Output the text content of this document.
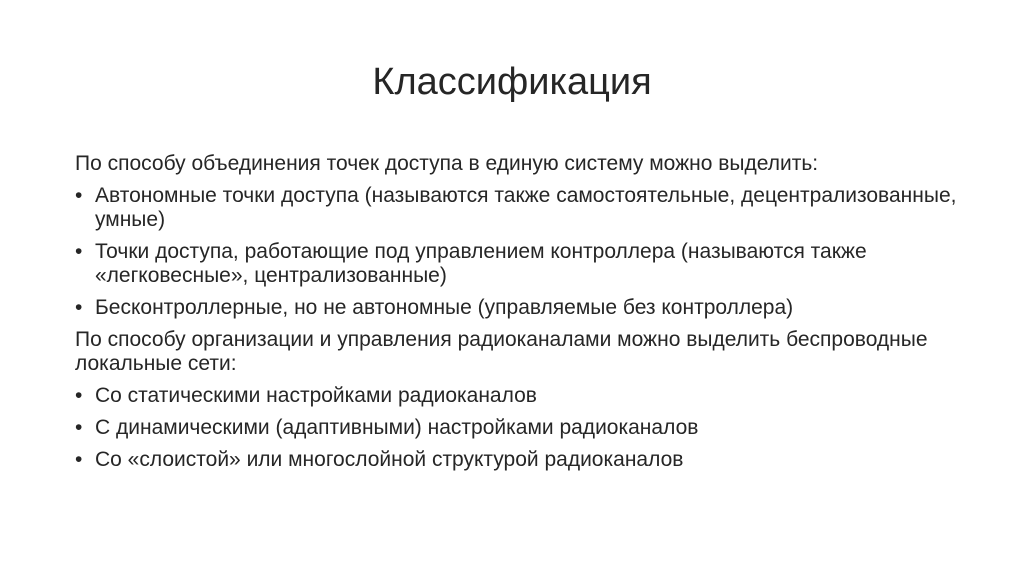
Классификация

По способу объединения точек доступа в единую систему можно выделить:

• Автономные точки доступа (называются также самостоятельные, децентрализованные, умные)
• Точки доступа, работающие под управлением контроллера (называются также «легковесные», централизованные)
• Бесконтроллерные, но не автономные (управляемые без контроллера)

По способу организации и управления радиоканалами можно выделить беспроводные локальные сети:

• Со статическими настройками радиоканалов
• С динамическими (адаптивными) настройками радиоканалов
• Со «слоистой» или многослойной структурой радиоканалов
